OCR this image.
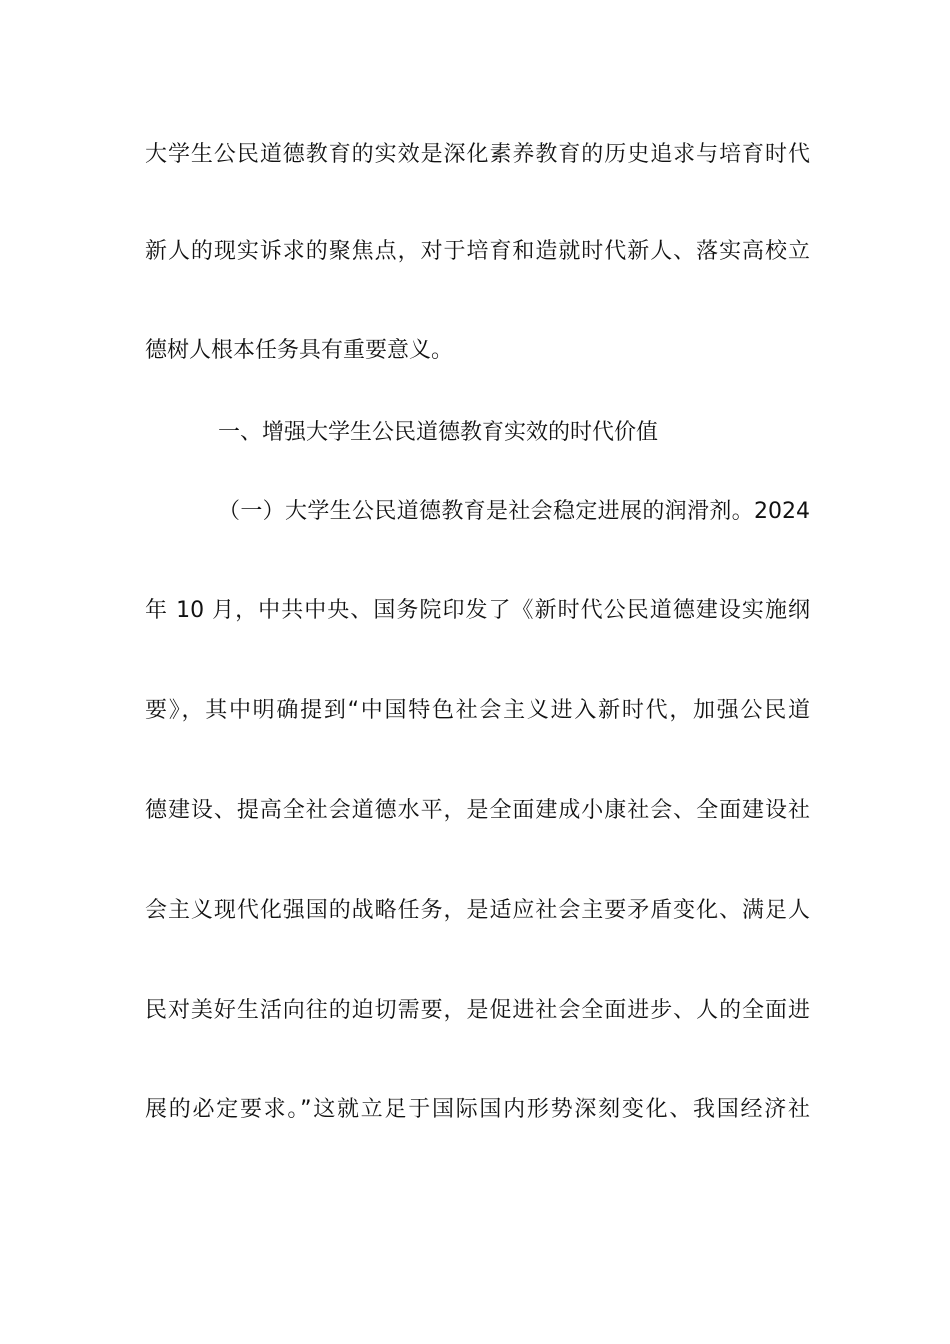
大学生公民道德教育的实效是深化素养教育的历史追求与培育时代
新人的现实诉求的聚焦点，对于培育和造就时代新人、落实高校立
德树人根本任务具有重要意义。
一、增强大学生公民道德教育实效的时代价值
（一）大学生公民道德教育是社会稳定进展的润滑剂。2024
年 10 月，中共中央、国务院印发了《新时代公民道德建设实施纲
要》，其中明确提到“中国特色社会主义进入新时代，加强公民道
德建设、提高全社会道德水平，是全面建成小康社会、全面建设社
会主义现代化强国的战略任务，是适应社会主要矛盾变化、满足人
民对美好生活向往的迫切需要，是促进社会全面进步、人的全面进
展的必定要求。”这就立足于国际国内形势深刻变化、我国经济社
